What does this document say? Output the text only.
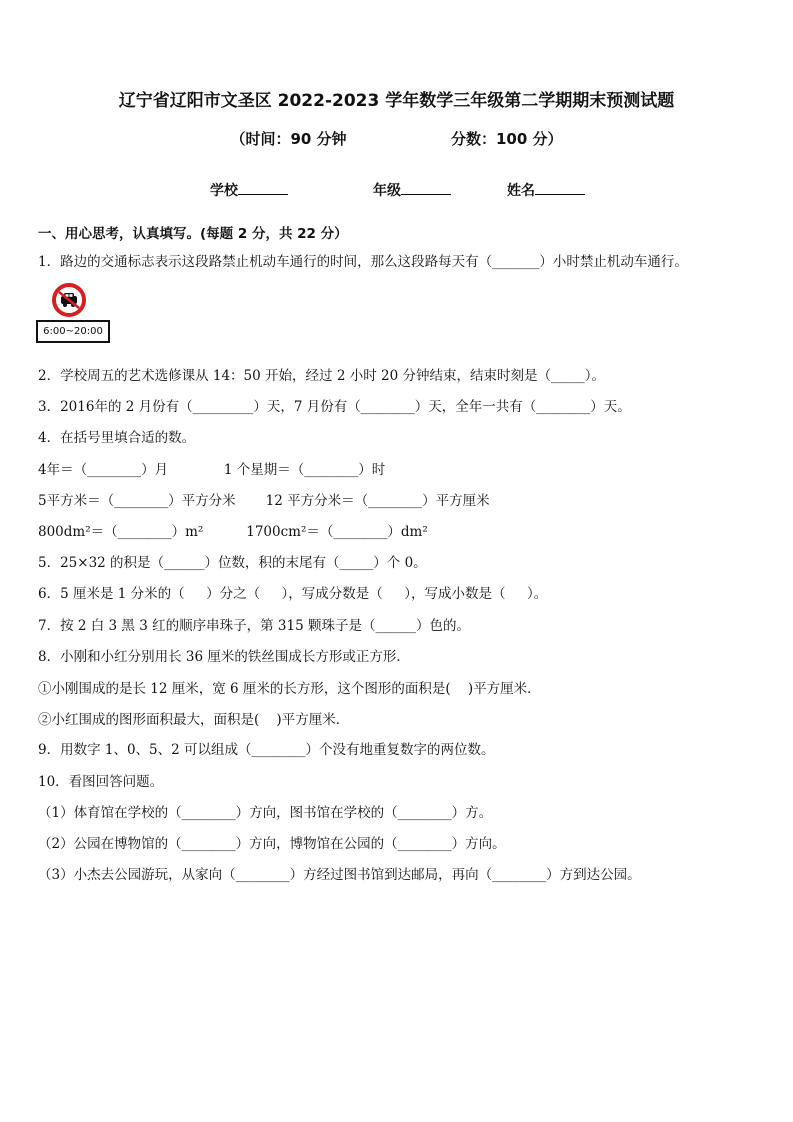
辽宁省辽阳市文圣区 2022-2023 学年数学三年级第二学期期末预测试题
（时间：90 分钟                    分数：100 分）
学校	年级	姓名
一、用心思考，认真填写。(每题 2 分，共 22 分）
1．路边的交通标志表示这段路禁止机动车通行的时间，那么这段路每天有（_______）小时禁止机动车通行。
6:00~20:00
2．学校周五的艺术选修课从 14：50 开始，经过 2 小时 20 分钟结束，结束时刻是（_____）。
3．2016年的 2 月份有（_________）天，7 月份有（________）天，全年一共有（________）天。
4．在括号里填合适的数。
4年＝（________）月             1 个星期＝（________）时
5平方米＝（________）平方分米       12 平方分米＝（________）平方厘米
800dm²＝（________）m²          1700cm²＝（________）dm²
5．25×32 的积是（______）位数，积的末尾有（_____）个 0。
6．5 厘米是 1 分米的（     ）分之（     ），写成分数是（     ），写成小数是（     ）。
7．按 2 白 3 黑 3 红的顺序串珠子，第 315 颗珠子是（______）色的。
8．小刚和小红分别用长 36 厘米的铁丝围成长方形或正方形．
①小刚围成的是长 12 厘米，宽 6 厘米的长方形，这个图形的面积是(    )平方厘米．
②小红围成的图形面积最大，面积是(    )平方厘米．
9．用数字 1、0、5、2 可以组成（________）个没有地重复数字的两位数。
10．看图回答问题。
（1）体育馆在学校的（________）方向，图书馆在学校的（________）方。
（2）公园在博物馆的（________）方向，博物馆在公园的（________）方向。
（3）小杰去公园游玩，从家向（________）方经过图书馆到达邮局，再向（________）方到达公园。
